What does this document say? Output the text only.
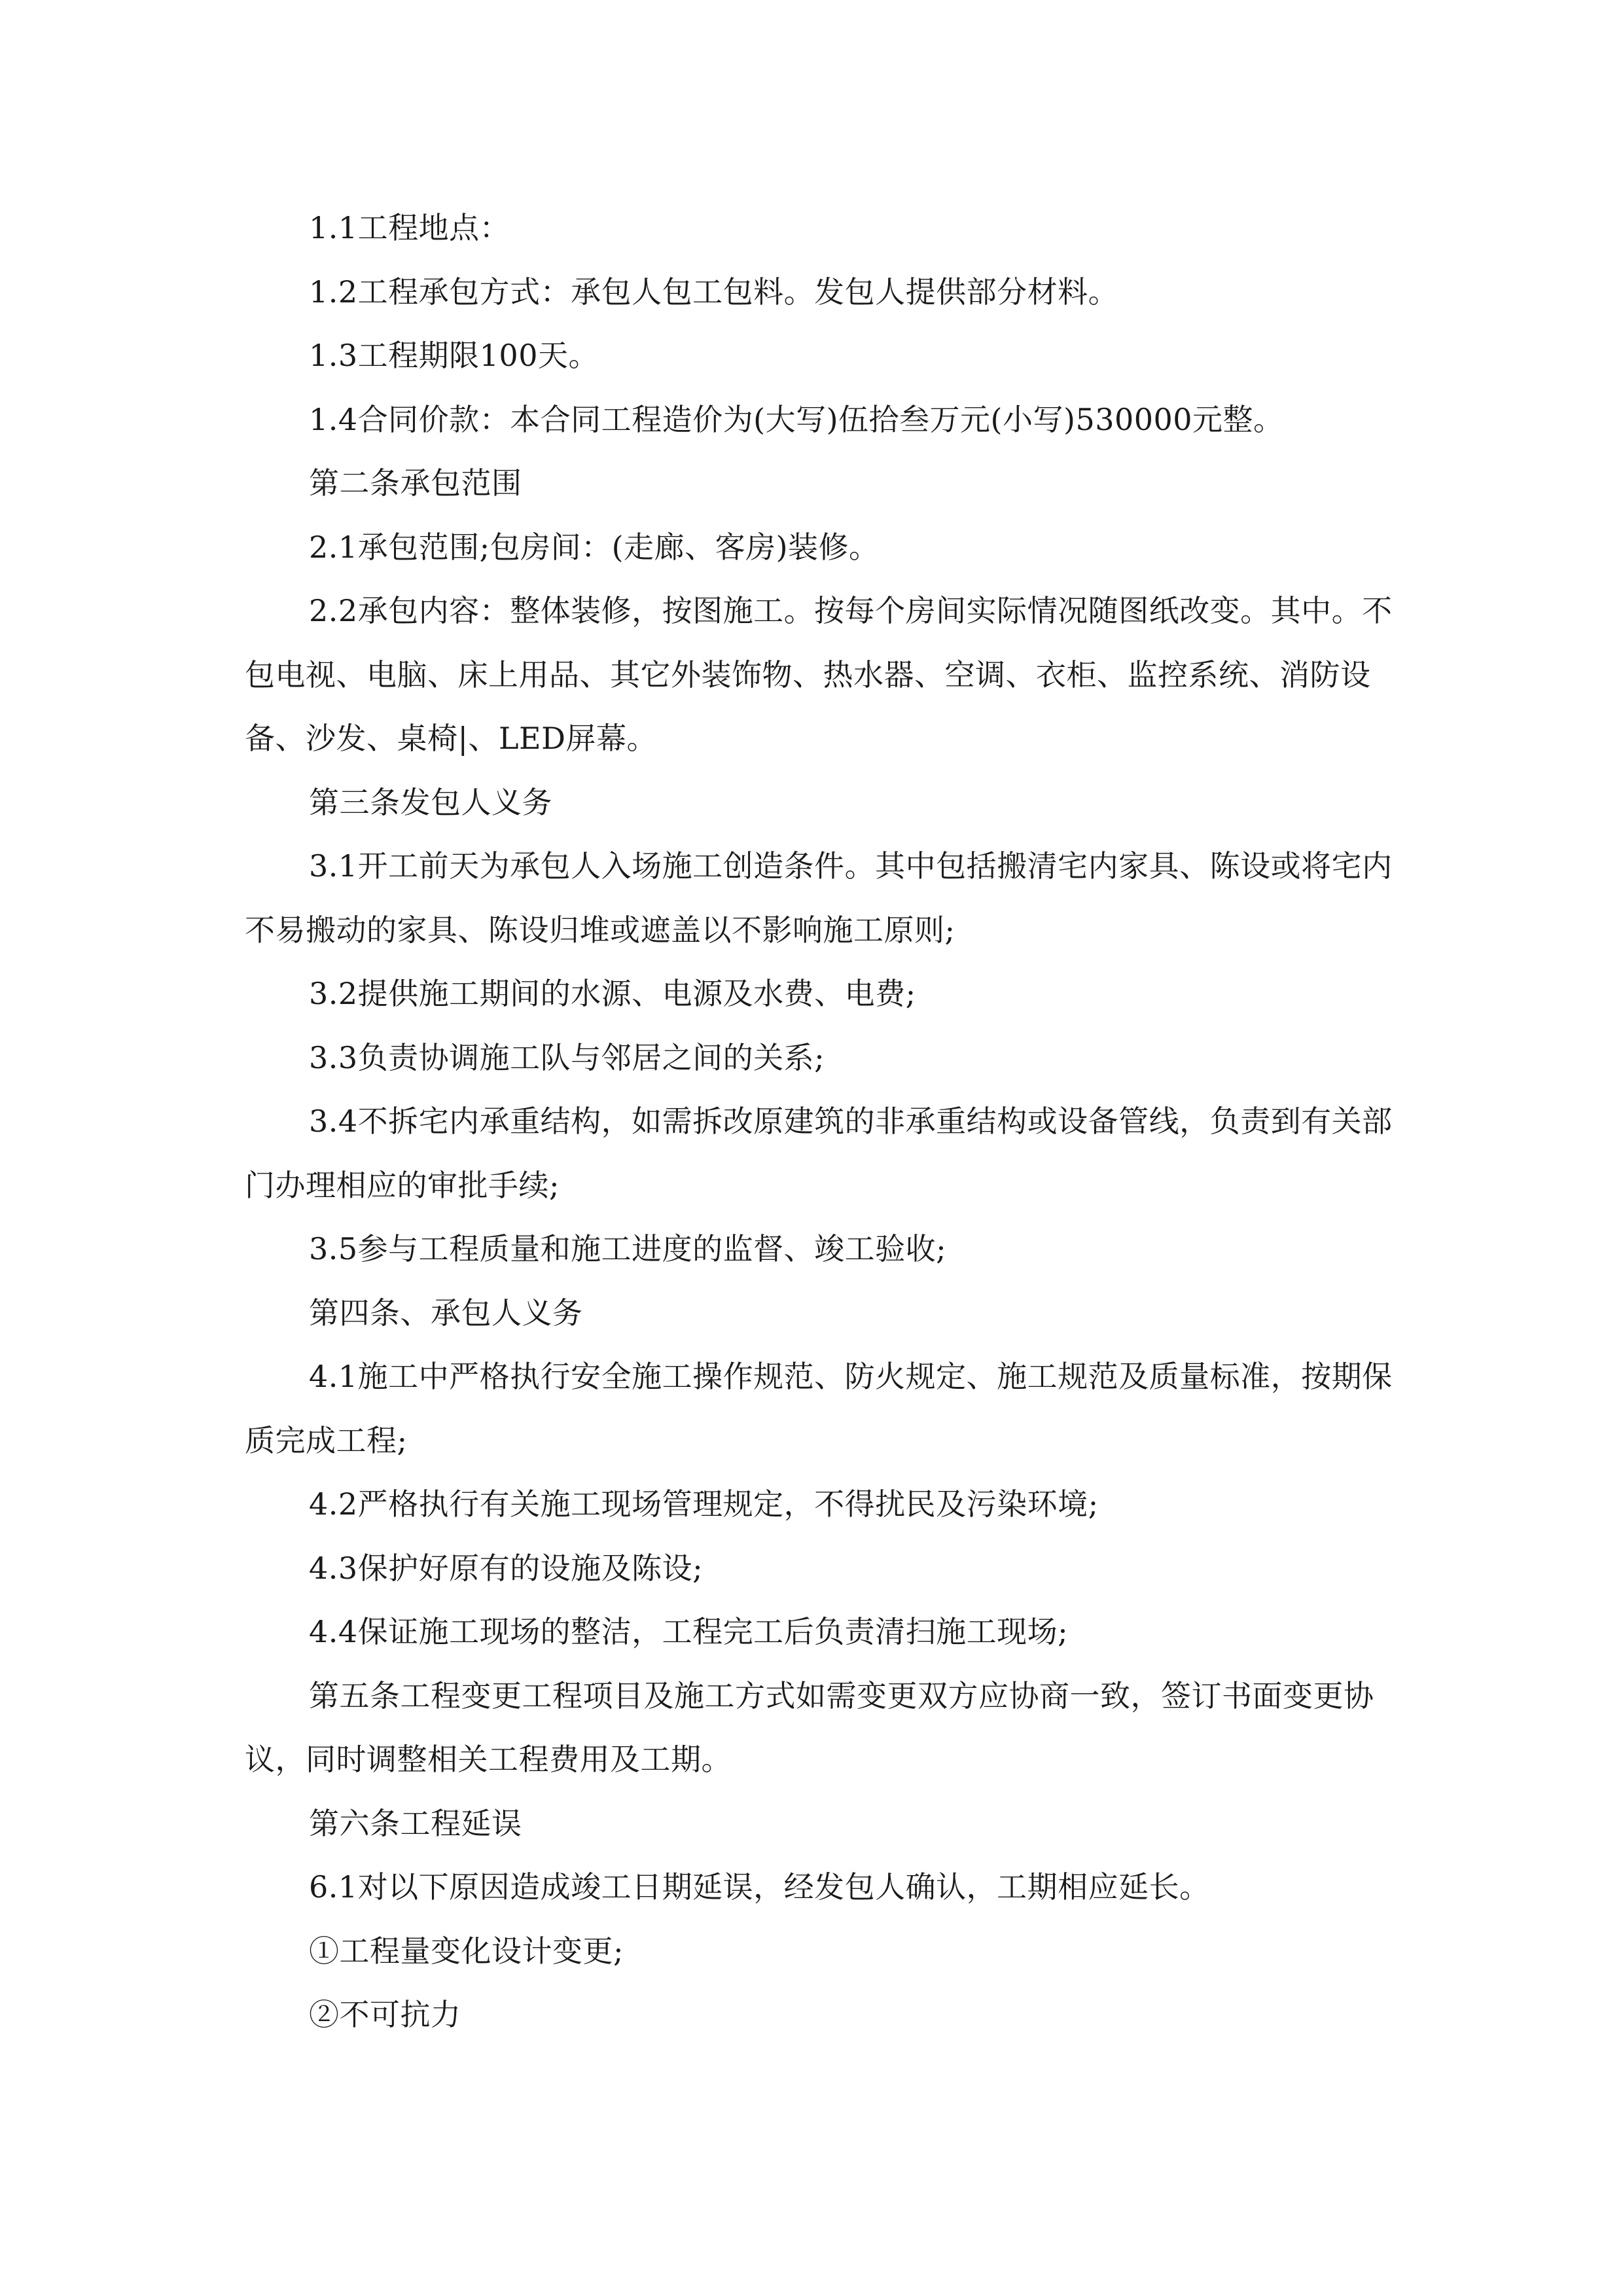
1.1工程地点：

1.2工程承包方式：承包人包工包料。发包人提供部分材料。

1.3工程期限100天。

1.4合同价款：本合同工程造价为(大写)伍拾叁万元(小写)530000元整。

第二条承包范围

2.1承包范围;包房间：(走廊、客房)装修。

2.2承包内容：整体装修，按图施工。按每个房间实际情况随图纸改变。其中。不包电视、电脑、床上用品、其它外装饰物、热水器、空调、衣柜、监控系统、消防设备、沙发、桌椅|、LED屏幕。

第三条发包人义务

3.1开工前天为承包人入场施工创造条件。其中包括搬清宅内家具、陈设或将宅内不易搬动的家具、陈设归堆或遮盖以不影响施工原则;

3.2提供施工期间的水源、电源及水费、电费;

3.3负责协调施工队与邻居之间的关系;

3.4不拆宅内承重结构，如需拆改原建筑的非承重结构或设备管线，负责到有关部门办理相应的审批手续;

3.5参与工程质量和施工进度的监督、竣工验收;

第四条、承包人义务

4.1施工中严格执行安全施工操作规范、防火规定、施工规范及质量标准，按期保质完成工程;

4.2严格执行有关施工现场管理规定，不得扰民及污染环境;

4.3保护好原有的设施及陈设;

4.4保证施工现场的整洁，工程完工后负责清扫施工现场;

第五条工程变更工程项目及施工方式如需变更双方应协商一致，签订书面变更协议，同时调整相关工程费用及工期。

第六条工程延误

6.1对以下原因造成竣工日期延误，经发包人确认，工期相应延长。

①工程量变化设计变更;

②不可抗力
